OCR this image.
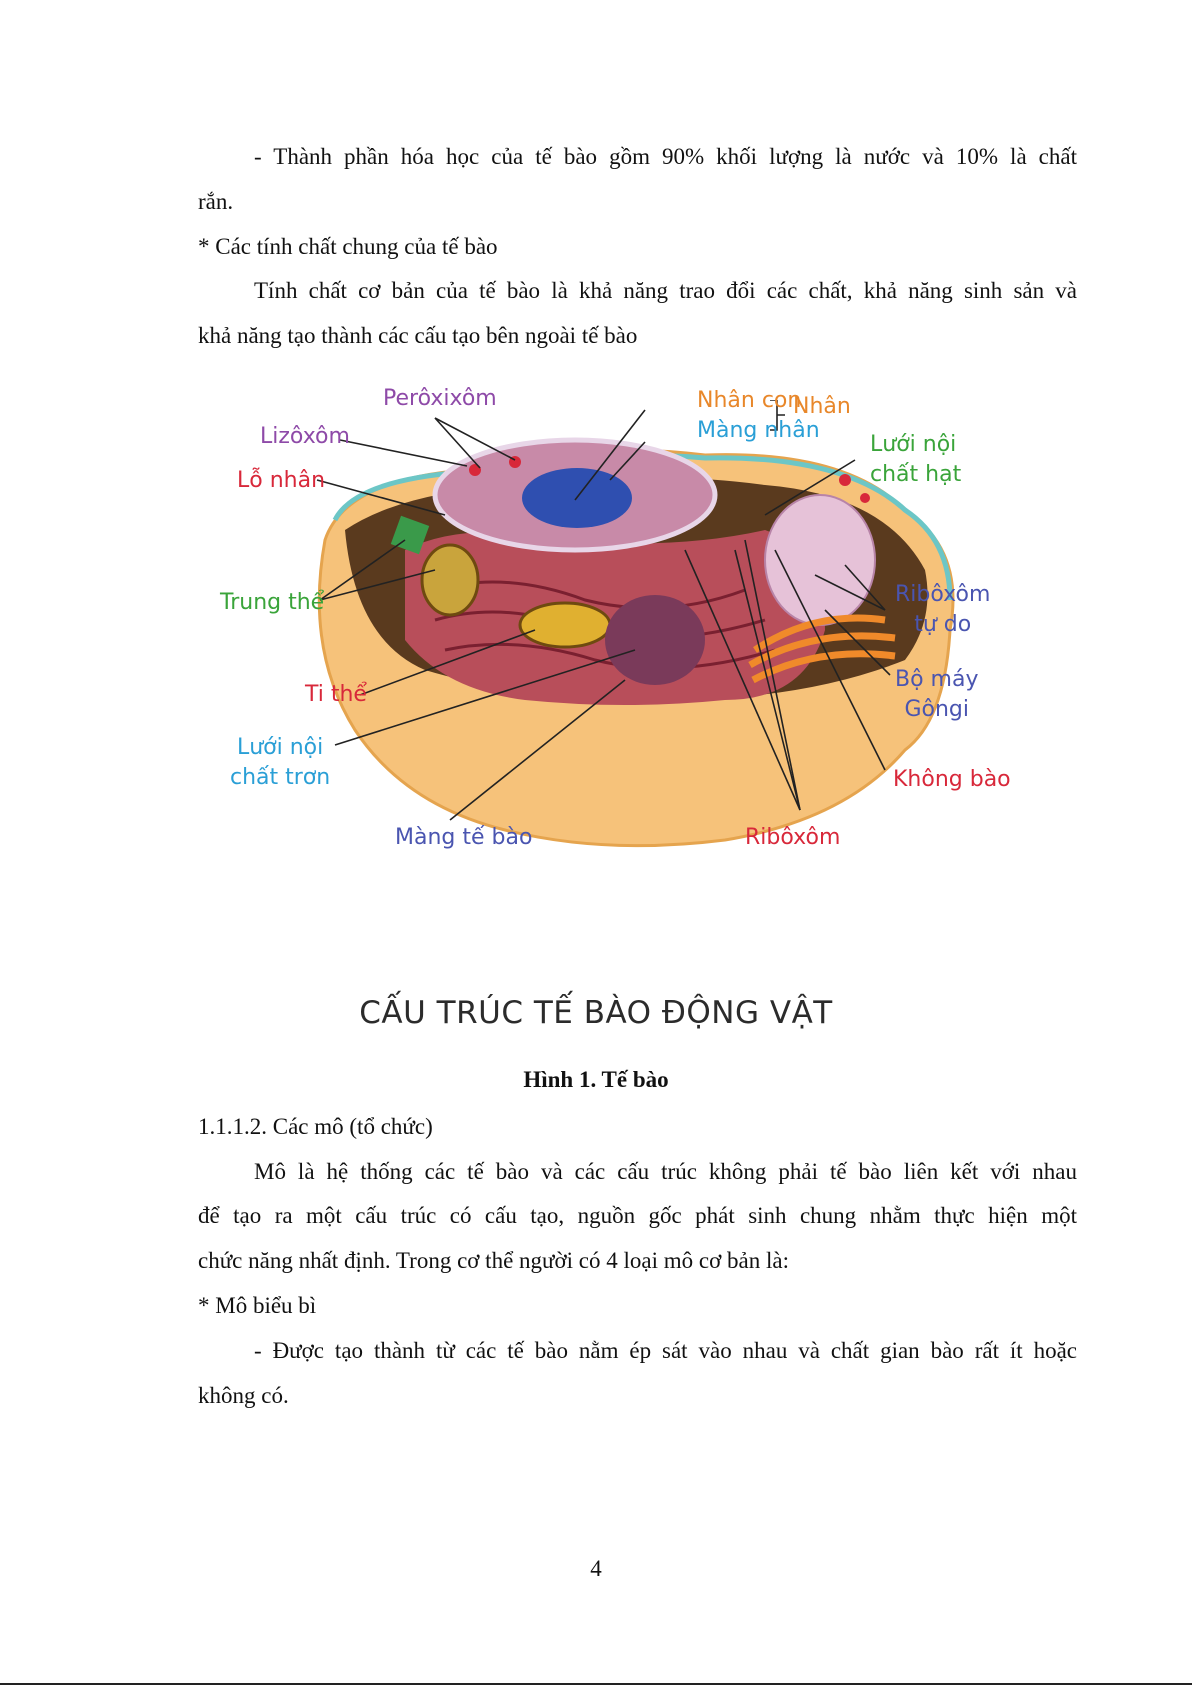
- Thành phần hóa học của tế bào gồm 90% khối lượng là nước và 10% là chất
rắn.
* Các tính chất chung của tế bào
Tính chất cơ bản của tế bào là khả năng trao đổi các chất, khả năng sinh sản và
khả năng tạo thành các cấu tạo bên ngoài tế bào
Perôxixôm
Lizôxôm
Lỗ nhân
Nhân con
Màng nhân
Nhân
Lưới nội
chất hạt
Trung thể	Ribôxôm
tự do
Bộ máy
Gôngi
Ti thể
Lưới nội
chất trơn	Không bào
Màng tế bào	Ribôxôm
CẤU TRÚC TẾ BÀO ĐỘNG VẬT
Hình 1. Tế bào
1.1.1.2. Các mô (tổ chức)
Mô là hệ thống các tế bào và các cấu trúc không phải tế bào liên kết với nhau
để tạo ra một cấu trúc có cấu tạo, nguồn gốc phát sinh chung nhằm thực hiện một
chức năng nhất định. Trong cơ thể người có 4 loại mô cơ bản là:
* Mô biểu bì
- Được tạo thành từ các tế bào nằm ép sát vào nhau và chất gian bào rất ít hoặc
không có.
4
